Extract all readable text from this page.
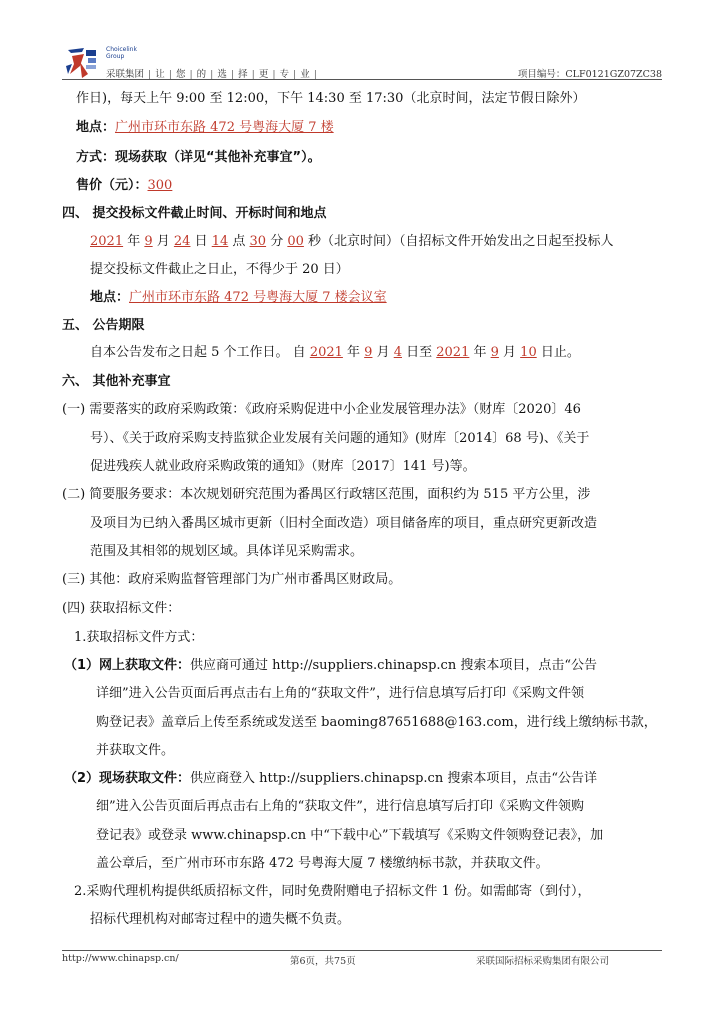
Choicelink
Group
采联集团 | 让 | 您 | 的 | 选 | 择 | 更 | 专 | 业 |	项目编号：CLF0121GZ07ZC38
作日)，每天上午 9:00 至 12:00，下午 14:30 至 17:30（北京时间，法定节假日除外）
地点：广州市环市东路 472 号粤海大厦 7 楼
方式：现场获取（详见“其他补充事宜”）。
售价（元）：300
四、 提交投标文件截止时间、开标时间和地点
2021 年 9 月 24 日 14 点 30 分 00 秒（北京时间）（自招标文件开始发出之日起至投标人
提交投标文件截止之日止，不得少于 20 日）
地点：广州市环市东路 472 号粤海大厦 7 楼会议室
五、 公告期限
自本公告发布之日起 5 个工作日。 自 2021 年 9 月 4 日至 2021 年 9 月 10 日止。
六、 其他补充事宜
(一) 需要落实的政府采购政策：《政府采购促进中小企业发展管理办法》（财库〔2020〕46
号）、《关于政府采购支持监狱企业发展有关问题的通知》(财库〔2014〕68 号)、《关于
促进残疾人就业政府采购政策的通知》（财库〔2017〕141 号)等。
(二) 简要服务要求：本次规划研究范围为番禺区行政辖区范围，面积约为 515 平方公里，涉
及项目为已纳入番禺区城市更新（旧村全面改造）项目储备库的项目，重点研究更新改造
范围及其相邻的规划区域。具体详见采购需求。
(三) 其他：政府采购监督管理部门为广州市番禺区财政局。
(四) 获取招标文件：
1.获取招标文件方式：
（1）网上获取文件：供应商可通过 http://suppliers.chinapsp.cn 搜索本项目，点击“公告
详细”进入公告页面后再点击右上角的“获取文件”，进行信息填写后打印《采购文件领
购登记表》盖章后上传至系统或发送至 baoming87651688@163.com，进行线上缴纳标书款，
并获取文件。
（2）现场获取文件：供应商登入 http://suppliers.chinapsp.cn 搜索本项目，点击“公告详
细”进入公告页面后再点击右上角的“获取文件”，进行信息填写后打印《采购文件领购
登记表》或登录 www.chinapsp.cn 中“下载中心”下载填写《采购文件领购登记表》，加
盖公章后，至广州市环市东路 472 号粤海大厦 7 楼缴纳标书款，并获取文件。
2.采购代理机构提供纸质招标文件，同时免费附赠电子招标文件 1 份。如需邮寄（到付），
招标代理机构对邮寄过程中的遗失概不负责。
http://www.chinapsp.cn/	第6页，共75页	采联国际招标采购集团有限公司
